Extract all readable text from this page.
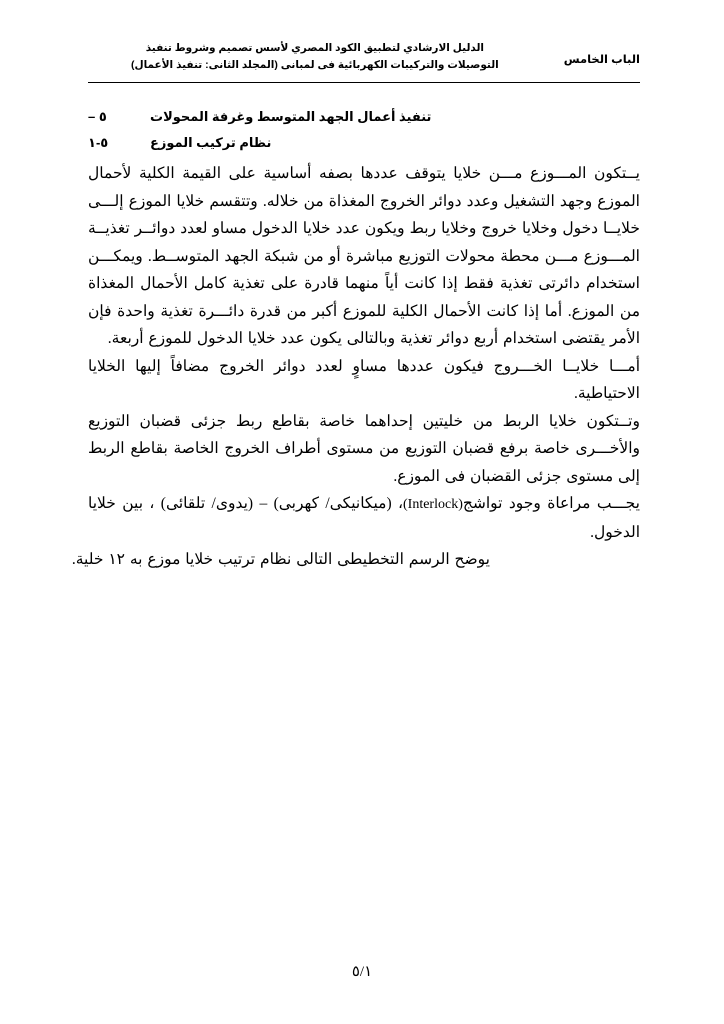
الدليل الارشادي لتطبيق الكود المصري لأسس تصميم وشروط تنفيذ
التوصيلات والتركيبات الكهربائية فى لمبانى (المجلد الثانى: تنفيذ الأعمال)	الباب الخامس
تنفيذ أعمال الجهد المتوسط وغرفة المحولات
٥ –
نظام تركيب الموزع
٥-١

يــتكون المـــوزع مـــن خلايا يتوقف عددها بصفه أساسية على القيمة الكلية لأحمال الموزع وجهد التشغيل وعدد دوائر الخروج المغذاة من خلاله. وتتقسم خلايا الموزع إلـــى خلايــا دخول وخلايا خروج وخلايا ربط ويكون عدد خلايا الدخول مساو لعدد دوائــر تغذيــة المـــوزع مـــن محطة محولات التوزيع مباشرة أو من شبكة الجهد المتوســط. ويمكـــن استخدام دائرتى تغذية فقط إذا كانت أياً منهما قادرة على تغذية كامل الأحمال المغذاة من الموزع. أما إذا كانت الأحمال الكلية للموزع أكبر من قدرة دائـــرة تغذية واحدة فإن الأمر يقتضى استخدام أربع دوائر تغذية وبالتالى يكون عدد خلايا الدخول للموزع أربعة.

أمـــا خلايــا الخـــروج فيكون عددها مساوٍ لعدد دوائر الخروج مضافاً إليها الخلايا الاحتياطية.

وتــتكون خلايا الربط من خليتين إحداهما خاصة بقاطع ربط جزئى قضبان التوزيع والأخـــرى خاصة برفع قضبان التوزيع من مستوى أطراف الخروج الخاصة بقاطع الربط إلى مستوى جزئى القضبان فى الموزع.

يجـــب مراعاة وجود تواشج(Interlock)، (ميكانيكى/ كهربى) – (يدوى/ تلقائى) ، بين خلايا الدخول.

يوضح الرسم التخطيطى التالى نظام ترتيب خلايا موزع به ١٢ خلية.

٥/١
